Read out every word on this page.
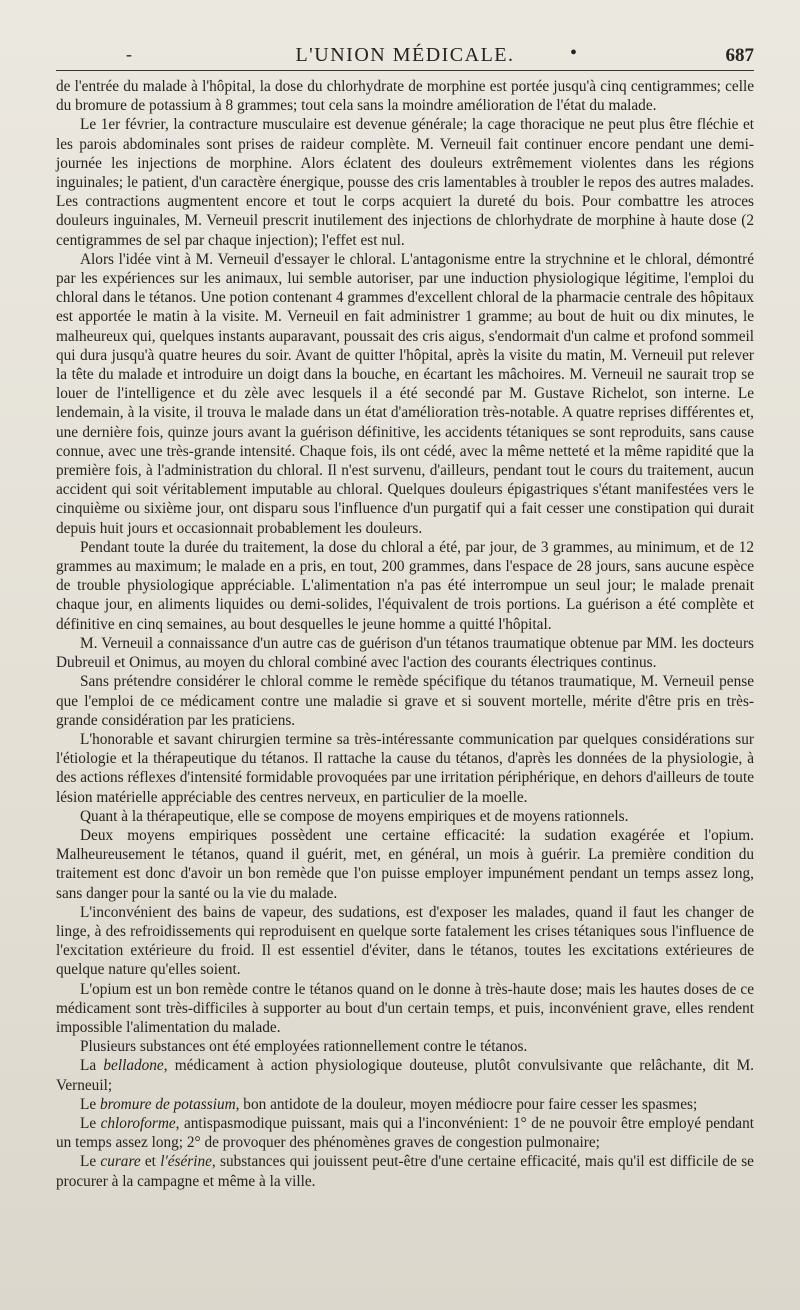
-	L'UNION MÉDICALE.	•	687

de l'entrée du malade à l'hôpital, la dose du chlorhydrate de morphine est portée jusqu'à cinq centigrammes; celle du bromure de potassium à 8 grammes; tout cela sans la moindre amélioration de l'état du malade.

Le 1er février, la contracture musculaire est devenue générale; la cage thoracique ne peut plus être fléchie et les parois abdominales sont prises de raideur complète. M. Verneuil fait continuer encore pendant une demi-journée les injections de morphine. Alors éclatent des douleurs extrêmement violentes dans les régions inguinales; le patient, d'un caractère énergique, pousse des cris lamentables à troubler le repos des autres malades. Les contractions augmentent encore et tout le corps acquiert la dureté du bois. Pour combattre les atroces douleurs inguinales, M. Verneuil prescrit inutilement des injections de chlorhydrate de morphine à haute dose (2 centigrammes de sel par chaque injection); l'effet est nul.

Alors l'idée vint à M. Verneuil d'essayer le chloral. L'antagonisme entre la strychnine et le chloral, démontré par les expériences sur les animaux, lui semble autoriser, par une induction physiologique légitime, l'emploi du chloral dans le tétanos. Une potion contenant 4 grammes d'excellent chloral de la pharmacie centrale des hôpitaux est apportée le matin à la visite. M. Verneuil en fait administrer 1 gramme; au bout de huit ou dix minutes, le malheureux qui, quelques instants auparavant, poussait des cris aigus, s'endormait d'un calme et profond sommeil qui dura jusqu'à quatre heures du soir. Avant de quitter l'hôpital, après la visite du matin, M. Verneuil put relever la tête du malade et introduire un doigt dans la bouche, en écartant les mâchoires. M. Verneuil ne saurait trop se louer de l'intelligence et du zèle avec lesquels il a été secondé par M. Gustave Richelot, son interne. Le lendemain, à la visite, il trouva le malade dans un état d'amélioration très-notable. A quatre reprises différentes et, une dernière fois, quinze jours avant la guérison définitive, les accidents tétaniques se sont reproduits, sans cause connue, avec une très-grande intensité. Chaque fois, ils ont cédé, avec la même netteté et la même rapidité que la première fois, à l'administration du chloral. Il n'est survenu, d'ailleurs, pendant tout le cours du traitement, aucun accident qui soit véritablement imputable au chloral. Quelques douleurs épigastriques s'étant manifestées vers le cinquième ou sixième jour, ont disparu sous l'influence d'un purgatif qui a fait cesser une constipation qui durait depuis huit jours et occasionnait probablement les douleurs.

Pendant toute la durée du traitement, la dose du chloral a été, par jour, de 3 grammes, au minimum, et de 12 grammes au maximum; le malade en a pris, en tout, 200 grammes, dans l'espace de 28 jours, sans aucune espèce de trouble physiologique appréciable. L'alimentation n'a pas été interrompue un seul jour; le malade prenait chaque jour, en aliments liquides ou demi-solides, l'équivalent de trois portions. La guérison a été complète et définitive en cinq semaines, au bout desquelles le jeune homme a quitté l'hôpital.

M. Verneuil a connaissance d'un autre cas de guérison d'un tétanos traumatique obtenue par MM. les docteurs Dubreuil et Onimus, au moyen du chloral combiné avec l'action des courants électriques continus.

Sans prétendre considérer le chloral comme le remède spécifique du tétanos traumatique, M. Verneuil pense que l'emploi de ce médicament contre une maladie si grave et si souvent mortelle, mérite d'être pris en très-grande considération par les praticiens.

L'honorable et savant chirurgien termine sa très-intéressante communication par quelques considérations sur l'étiologie et la thérapeutique du tétanos. Il rattache la cause du tétanos, d'après les données de la physiologie, à des actions réflexes d'intensité formidable provoquées par une irritation périphérique, en dehors d'ailleurs de toute lésion matérielle appréciable des centres nerveux, en particulier de la moelle.

Quant à la thérapeutique, elle se compose de moyens empiriques et de moyens rationnels.

Deux moyens empiriques possèdent une certaine efficacité: la sudation exagérée et l'opium. Malheureusement le tétanos, quand il guérit, met, en général, un mois à guérir. La première condition du traitement est donc d'avoir un bon remède que l'on puisse employer impunément pendant un temps assez long, sans danger pour la santé ou la vie du malade.

L'inconvénient des bains de vapeur, des sudations, est d'exposer les malades, quand il faut les changer de linge, à des refroidissements qui reproduisent en quelque sorte fatalement les crises tétaniques sous l'influence de l'excitation extérieure du froid. Il est essentiel d'éviter, dans le tétanos, toutes les excitations extérieures de quelque nature qu'elles soient.

L'opium est un bon remède contre le tétanos quand on le donne à très-haute dose; mais les hautes doses de ce médicament sont très-difficiles à supporter au bout d'un certain temps, et puis, inconvénient grave, elles rendent impossible l'alimentation du malade.

Plusieurs substances ont été employées rationnellement contre le tétanos.

La belladone, médicament à action physiologique douteuse, plutôt convulsivante que relâchante, dit M. Verneuil;

Le bromure de potassium, bon antidote de la douleur, moyen médiocre pour faire cesser les spasmes;

Le chloroforme, antispasmodique puissant, mais qui a l'inconvénient: 1° de ne pouvoir être employé pendant un temps assez long; 2° de provoquer des phénomènes graves de congestion pulmonaire;

Le curare et l'ésérine, substances qui jouissent peut-être d'une certaine efficacité, mais qu'il est difficile de se procurer à la campagne et même à la ville.
